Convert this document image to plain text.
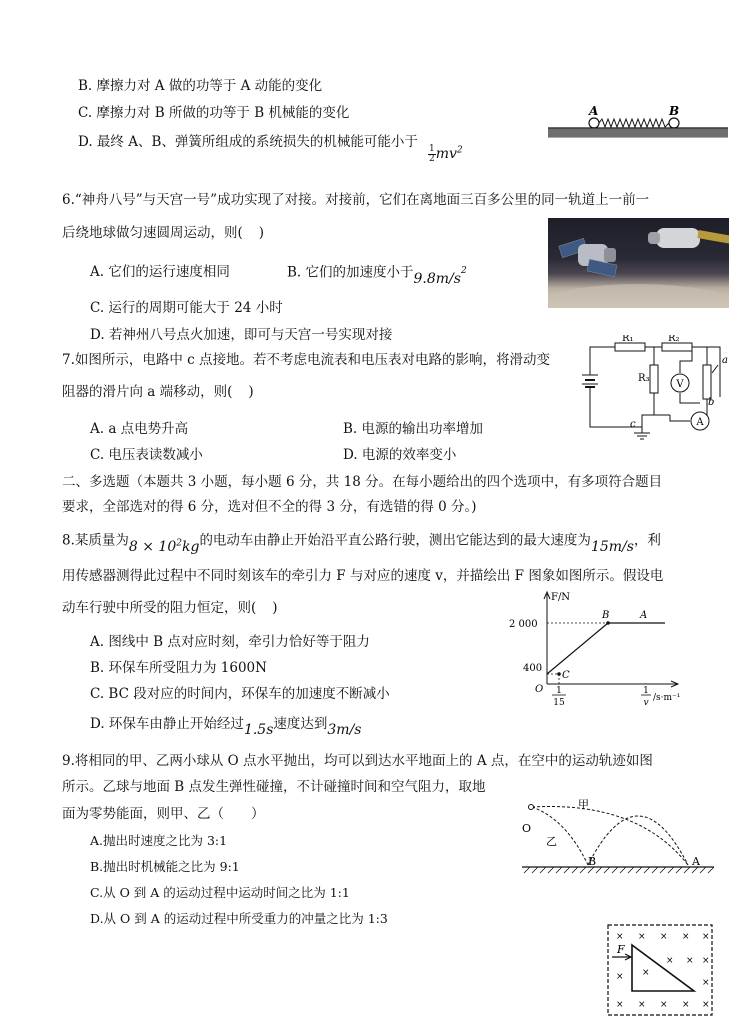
B. 摩擦力对 A 做的功等于 A 动能的变化
C. 摩擦力对 B 所做的功等于 B 机械能的变化
D. 最终 A、B、弹簧所组成的系统损失的机械能可能小于
$\frac{1}{2}mv^2$
A	B
6.“神舟八号”与天宫一号”成功实现了对接。对接前，它们在离地面三百多公里的同一轨道上一前一
后绕地球做匀速圆周运动，则( )
A. 它们的运行速度相同	B. 它们的加速度小于$9.8m/s^2$
C. 运行的周期可能大于 24 小时
D. 若神州八号点火加速，即可与天宫一号实现对接
7.如图所示，电路中 c 点接地。若不考虑电流表和电压表对电路的影响，将滑动变
阻器的滑片向 a 端移动，则( )
A. a 点电势升高	B. 电源的输出功率增加
C. 电压表读数减小	D. 电源的效率变小
V
A
R₁	R₂
R₃
a
b
c
二、多选题（本题共 3 小题，每小题 6 分，共 18 分。在每小题给出的四个选项中，有多项符合题目
要求，全部选对的得 6 分，选对但不全的得 3 分，有选错的得 0 分。)
8.某质量为$8 \times 10^2kg$的电动车由静止开始沿平直公路行驶，测出它能达到的最大速度为15m/s，利
用传感器测得此过程中不同时刻该车的牵引力 F 与对应的速度 v，并描绘出 F 图象如图所示。假设电
动车行驶中所受的阻力恒定，则( )
A. 图线中 B 点对应时刻，牵引力恰好等于阻力
B. 环保车所受阻力为 1600N
C. BC 段对应的时间内，环保车的加速度不断减小
D. 环保车由静止开始经过1.5s速度达到3m/s
F/N
2 000
400
O 1
15
1
v /s·m⁻¹
B	A
C
9.将相同的甲、乙两小球从 O 点水平抛出，均可以到达水平地面上的 A 点，在空中的运动轨迹如图
所示。乙球与地面 B 点发生弹性碰撞，不计碰撞时间和空气阻力，取地
面为零势能面，则甲、乙（　　）
A.抛出时速度之比为 3:1
B.抛出时机械能之比为 9:1
C.从 O 到 A 的运动过程中运动时间之比为 1:1
D.从 O 到 A 的运动过程中所受重力的冲量之比为 1:3
O
甲
乙
B	A
F
× × × × ×
× × ×
× ×
×
× × × × ×
